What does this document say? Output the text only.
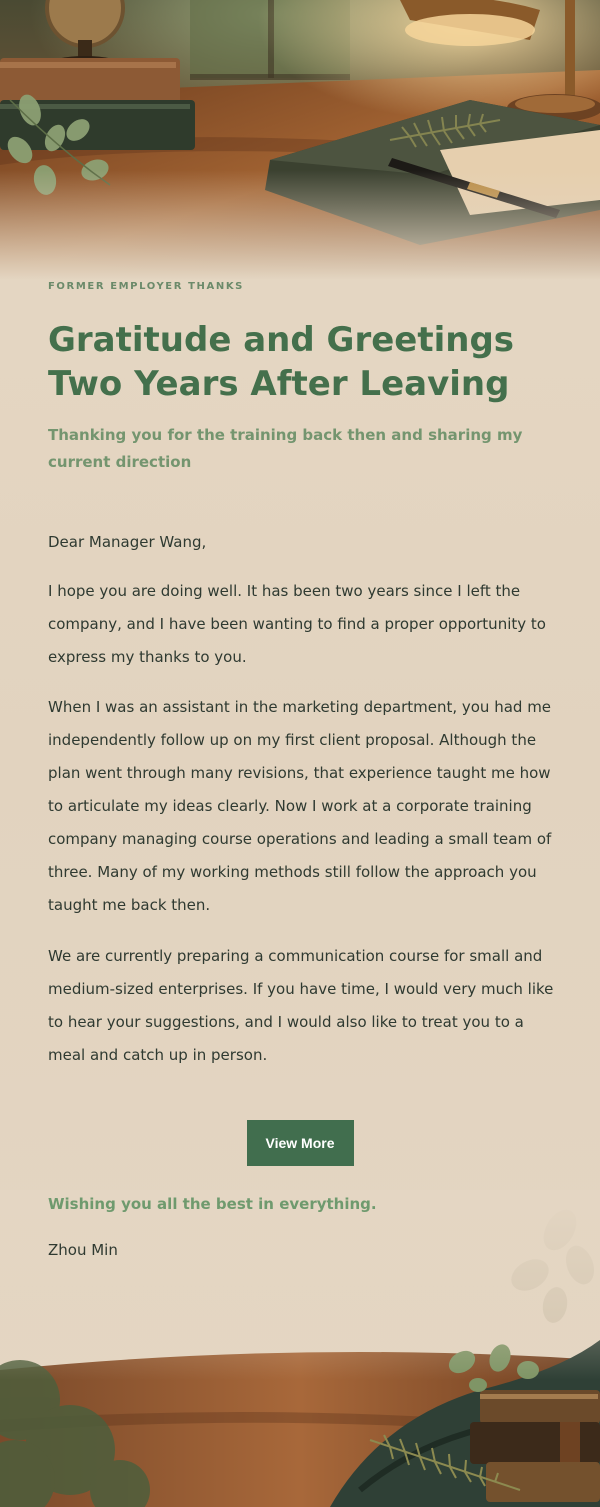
FORMER EMPLOYER THANKS
Gratitude and Greetings Two Years After Leaving

Thanking you for the training back then and sharing my current direction

Dear Manager Wang,

I hope you are doing well. It has been two years since I left the company, and I have been wanting to find a proper opportunity to express my thanks to you.

When I was an assistant in the marketing department, you had me independently follow up on my first client proposal. Although the plan went through many revisions, that experience taught me how to articulate my ideas clearly. Now I work at a corporate training company managing course operations and leading a small team of three. Many of my working methods still follow the approach you taught me back then.

We are currently preparing a communication course for small and medium-sized enterprises. If you have time, I would very much like to hear your suggestions, and I would also like to treat you to a meal and catch up in person.

View More

Wishing you all the best in everything.

Zhou Min
